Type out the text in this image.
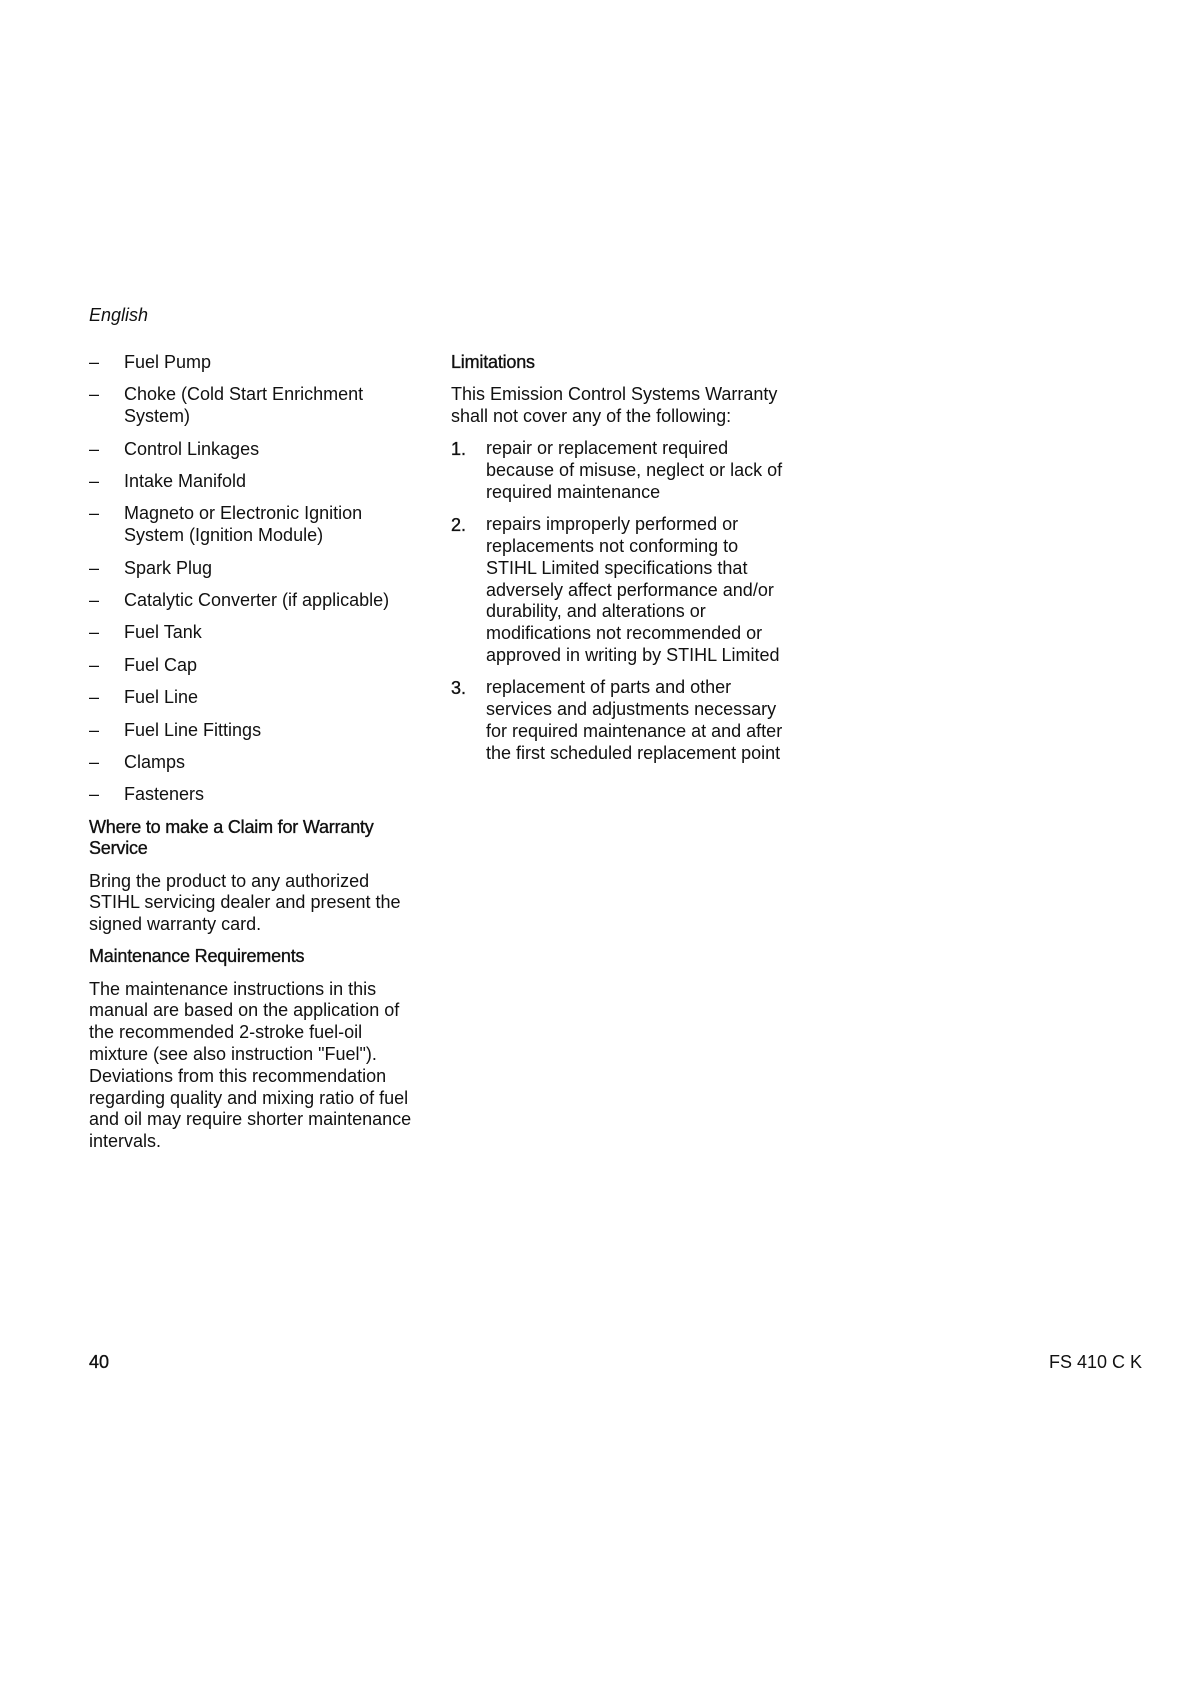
English
– Fuel Pump
– Choke (Cold Start Enrichment System)
– Control Linkages
– Intake Manifold
– Magneto or Electronic Ignition System (Ignition Module)
– Spark Plug
– Catalytic Converter (if applicable)
– Fuel Tank
– Fuel Cap
– Fuel Line
– Fuel Line Fittings
– Clamps
– Fasteners
Where to make a Claim for Warranty Service

Bring the product to any authorized STIHL servicing dealer and present the signed warranty card.

Maintenance Requirements

The maintenance instructions in this manual are based on the application of the recommended 2-stroke fuel-oil mixture (see also instruction "Fuel"). Deviations from this recommendation regarding quality and mixing ratio of fuel and oil may require shorter maintenance intervals.

Limitations

This Emission Control Systems Warranty shall not cover any of the following:

1. repair or replacement required because of misuse, neglect or lack of required maintenance
2. repairs improperly performed or replacements not conforming to STIHL Limited specifications that adversely affect performance and/or durability, and alterations or modifications not recommended or approved in writing by STIHL Limited
3. replacement of parts and other services and adjustments necessary for required maintenance at and after the first scheduled replacement point
40	FS 410 C K
